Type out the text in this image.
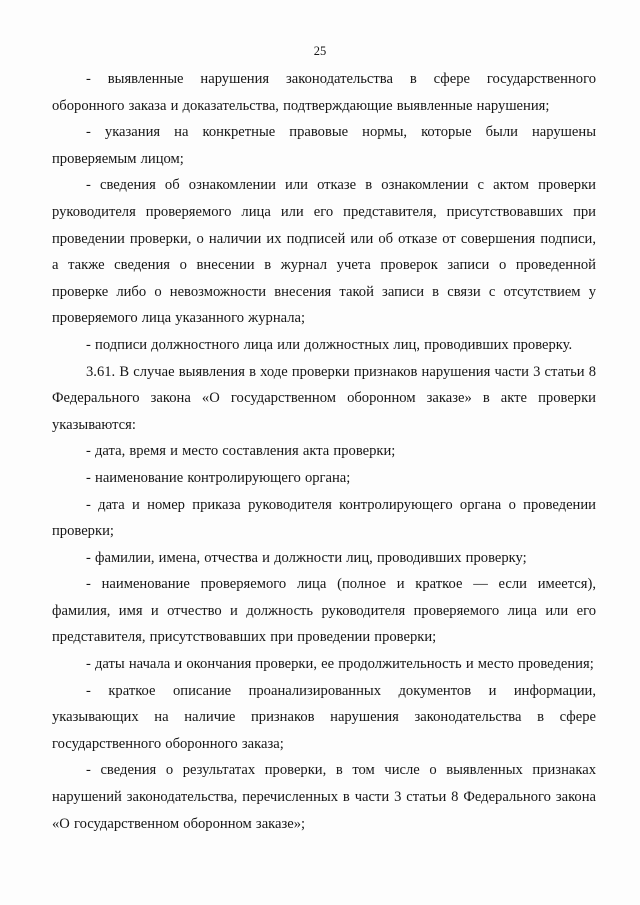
25

- выявленные нарушения законодательства в сфере государственного оборонного заказа и доказательства, подтверждающие выявленные нарушения;

- указания на конкретные правовые нормы, которые были нарушены проверяемым лицом;

- сведения об ознакомлении или отказе в ознакомлении с актом проверки руководителя проверяемого лица или его представителя, присутствовавших при проведении проверки, о наличии их подписей или об отказе от совершения подписи, а также сведения о внесении в журнал учета проверок записи о проведенной проверке либо о невозможности внесения такой записи в связи с отсутствием у проверяемого лица указанного журнала;

- подписи должностного лица или должностных лиц, проводивших проверку.

3.61. В случае выявления в ходе проверки признаков нарушения части 3 статьи 8 Федерального закона «О государственном оборонном заказе» в акте проверки указываются:

- дата, время и место составления акта проверки;

- наименование контролирующего органа;

- дата и номер приказа руководителя контролирующего органа о проведении проверки;

- фамилии, имена, отчества и должности лиц, проводивших проверку;

- наименование проверяемого лица (полное и краткое — если имеется), фамилия, имя и отчество и должность руководителя проверяемого лица или его представителя, присутствовавших при проведении проверки;

- даты начала и окончания проверки, ее продолжительность и место проведения;

- краткое описание проанализированных документов и информации, указывающих на наличие признаков нарушения законодательства в сфере государственного оборонного заказа;

- сведения о результатах проверки, в том числе о выявленных признаках нарушений законодательства, перечисленных в части 3 статьи 8 Федерального закона «О государственном оборонном заказе»;
